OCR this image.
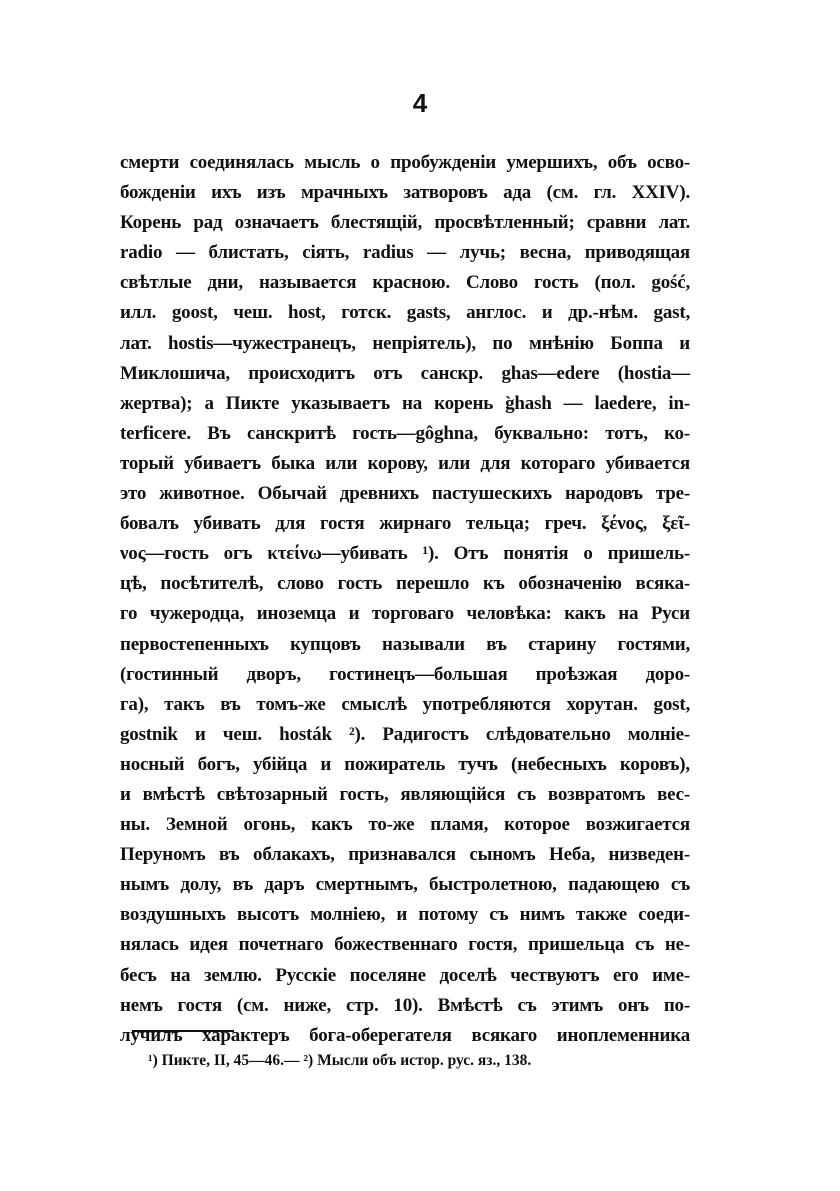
4
смерти соединялась мысль о пробужденіи умершихъ, объ осво-
божденіи ихъ изъ мрачныхъ затворовъ ада (см. гл. XXIV).
Корень рад означаетъ блестящій, просвѣтленный; сравни лат.
radio — блистать, сіять, radius — лучь; весна, приводящая
свѣтлые дни, называется красною. Слово гость (пол. gość,
илл. goost, чеш. host, готск. gasts, англос. и др.-нѣм. gast,
лат. hostis—чужестранецъ, непріятель), по мнѣнію Боппа и
Миклошича, происходитъ отъ санскр. ghas—edere (hostia—
жертва); а Пикте указываетъ на корень g̀hash — laedere, in-
terficere. Въ санскритѣ гость—gôghna, буквально: тотъ, ко-
торый убиваетъ быка или корову, или для котораго убивается
это животное. Обычай древнихъ пастушескихъ народовъ тре-
бовалъ убивать для гостя жирнаго тельца; греч. ξένος, ξεῖ-
νος—гость огъ κτείνω—убивать ¹). Отъ понятія о пришель-
цѣ, посѣтителѣ, слово гость перешло къ обозначенію всяка-
го чужеродца, иноземца и торговаго человѣка: какъ на Руси
первостепенныхъ купцовъ называли въ старину гостями,
(гостинный дворъ, гостинецъ—большая проѣзжая доро-
га), такъ въ томъ-же смыслѣ употребляются хорутан. gost,
gostnik и чеш. hosták ²). Радигостъ слѣдовательно молніе-
носный богъ, убійца и пожиратель тучъ (небесныхъ коровъ),
и вмѣстѣ свѣтозарный гость, являющійся съ возвратомъ вес-
ны. Земной огонь, какъ то-же пламя, которое возжигается
Перуномъ въ облакахъ, признавался сыномъ Неба, низведен-
нымъ долу, въ даръ смертнымъ, быстролетною, падающею съ
воздушныхъ высотъ молніею, и потому съ нимъ также соеди-
нялась идея почетнаго божественнаго гостя, пришельца съ не-
бесъ на землю. Русскіе поселяне доселѣ чествуютъ его име-
немъ гостя (см. ниже, стр. 10). Вмѣстѣ съ этимъ онъ по-
лучилъ характеръ бога-оберегателя всякаго иноплеменника
¹) Пикте, II, 45—46.— ²) Мысли объ истор. рус. яз., 138.
